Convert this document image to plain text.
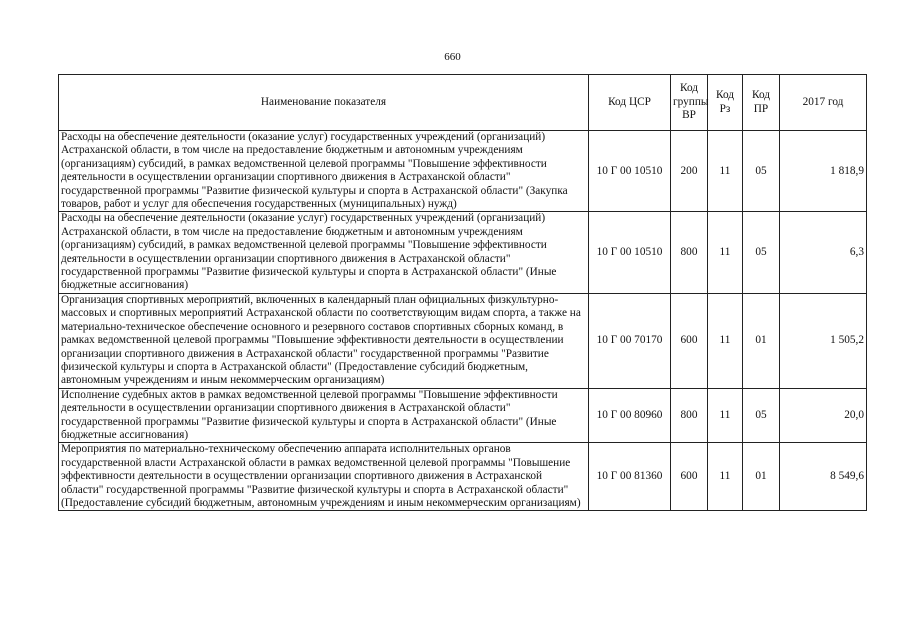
660
Наименование показателя	Код ЦСР	Код группы ВР	Код Рз	Код ПР	2017 год
Расходы на обеспечение деятельности (оказание услуг) государственных учреждений (организаций) Астраханской области, в том числе на предоставление бюджетным и автономным учреждениям (организациям) субсидий, в рамках ведомственной целевой программы "Повышение эффективности деятельности в осуществлении организации спортивного движения в Астраханской области" государственной программы "Развитие физической культуры и спорта в Астраханской области" (Закупка товаров, работ и услуг для обеспечения государственных (муниципальных) нужд)	10 Г 00 10510	200	11	05	1 818,9
Расходы на обеспечение деятельности (оказание услуг) государственных учреждений (организаций) Астраханской области, в том числе на предоставление бюджетным и автономным учреждениям (организациям) субсидий, в рамках ведомственной целевой программы "Повышение эффективности деятельности в осуществлении организации спортивного движения в Астраханской области" государственной программы "Развитие физической культуры и спорта в Астраханской области" (Иные бюджетные ассигнования)	10 Г 00 10510	800	11	05	6,3
Организация спортивных мероприятий, включенных в календарный план официальных физкультурно-массовых и спортивных мероприятий Астраханской области по соответствующим видам спорта, а также на материально-техническое обеспечение основного и резервного составов спортивных сборных команд, в рамках ведомственной целевой программы "Повышение эффективности деятельности в осуществлении организации спортивного движения в Астраханской области" государственной программы "Развитие физической культуры и спорта в Астраханской области" (Предоставление субсидий бюджетным, автономным учреждениям и иным некоммерческим организациям)	10 Г 00 70170	600	11	01	1 505,2
Исполнение судебных актов в рамках ведомственной целевой программы "Повышение эффективности деятельности в осуществлении организации спортивного движения в Астраханской области" государственной программы "Развитие физической культуры и спорта в Астраханской области" (Иные бюджетные ассигнования)	10 Г 00 80960	800	11	05	20,0
Мероприятия по материально-техническому обеспечению аппарата исполнительных органов государственной власти Астраханской области в рамках ведомственной целевой программы "Повышение эффективности деятельности в осуществлении организации спортивного движения в Астраханской области" государственной программы "Развитие физической культуры и спорта в Астраханской области" (Предоставление субсидий бюджетным, автономным учреждениям и иным некоммерческим организациям)	10 Г 00 81360	600	11	01	8 549,6
